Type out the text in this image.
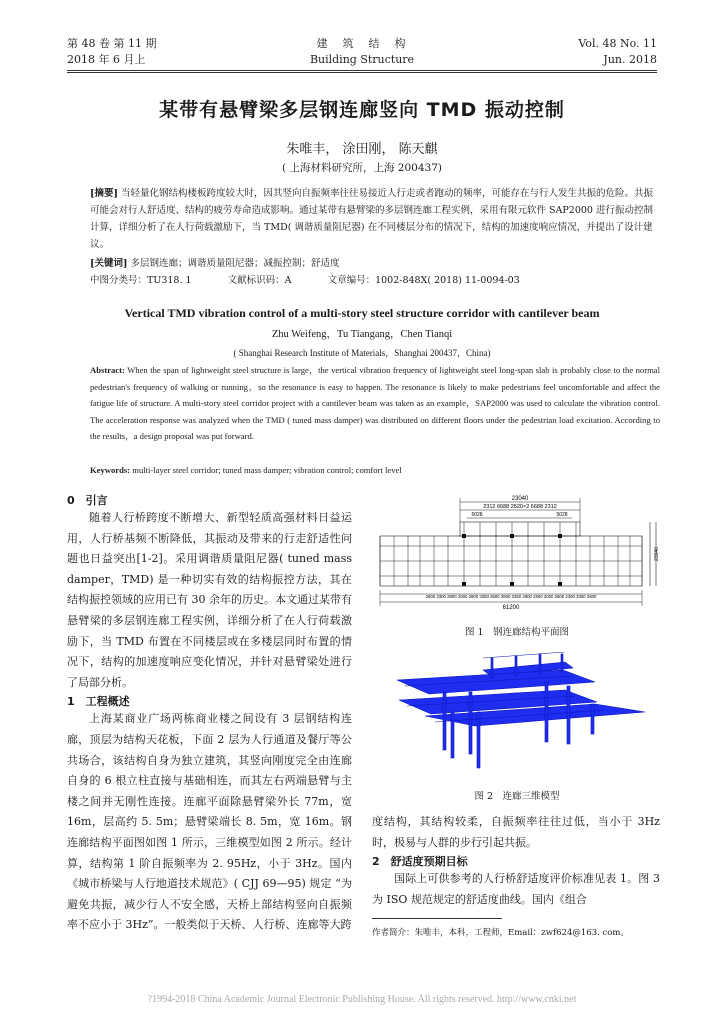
第 48 卷 第 11 期
2018 年 6 月上
建　筑　结　构
Building Structure
Vol. 48 No. 11
Jun. 2018
某带有悬臂梁多层钢连廊竖向 TMD 振动控制
朱唯丰， 涂田刚， 陈天麒
( 上海材料研究所，上海 200437)
[摘要] 当轻量化钢结构楼板跨度较大时，因其竖向自振频率往往易接近人行走或者跑动的频率，可能存在与行人发生共振的危险。共振可能会对行人舒适度、结构的疲劳寿命造成影响。通过某带有悬臂梁的多层钢连廊工程实例，采用有限元软件 SAP2000 进行振动控制计算，详细分析了在人行荷载激励下，当 TMD( 调谐质量阻尼器) 在不同楼层分布的情况下，结构的加速度响应情况，并提出了设计建议。
[关键词] 多层钢连廊；调谐质量阻尼器；减振控制；舒适度
中图分类号：TU318. 1	文献标识码：A	文章编号：1002-848X( 2018) 11-0094-03
Vertical TMD vibration control of a multi-story steel structure corridor with cantilever beam
Zhu Weifeng，Tu Tiangang，Chen Tianqi
( Shanghai Research Institute of Materials，Shanghai 200437，China)
Abstract: When the span of lightweight steel structure is large，the vertical vibration frequency of lightweight steel long-span slab is probably close to the normal pedestrian's frequency of walking or running，so the resonance is easy to happen. The resonance is likely to make pedestrians feel uncomfortable and affect the fatigue life of structure. A multi-story steel corridor project with a cantilever beam was taken as an example，SAP2000 was used to calculate the vibration control. The acceleration response was analyzed when the TMD ( tuned mass damper) was distributed on different floors under the pedestrian load excitation. According to the results，a design proposal was put forward.
Keywords: multi-layer steel corridor; tuned mass damper; vibration control; comfort level
0　引言
随着人行桥跨度不断增大、新型轻质高强材料日益运用，人行桥基频不断降低，其振动及带来的行走舒适性问题也日益突出[1-2]。采用调谐质量阻尼器( tuned mass damper，TMD) 是一种切实有效的结构振控方法，其在结构振控领域的应用已有 30 余年的历史。本文通过某带有悬臂梁的多层钢连廊工程实例，详细分析了在人行荷载激励下，当 TMD 布置在不同楼层或在多楼层同时布置的情况下，结构的加速度响应变化情况，并针对悬臂梁处进行了局部分析。
1　工程概述
上海某商业广场两栋商业楼之间设有 3 层钢结构连廊，顶层为结构天花板，下面 2 层为人行通道及餐厅等公共场合，该结构自身为独立建筑，其竖向刚度完全由连廊自身的 6 根立柱直接与基础相连，而其左右两端悬臂与主楼之间并无刚性连接。连廊平面除悬臂梁外长 77m，宽 16m，层高约 5. 5m；悬臂梁端长 8. 5m，宽 16m。钢连廊结构平面图如图 1 所示，三维模型如图 2 所示。经计算，结构第 1 阶自振频率为 2. 95Hz，小于 3Hz。国内《城市桥梁与人行地道技术规范》( CJJ 69—95) 规定 “为避免共振，减少行人不安全感，天桥上部结构竖向自振频率不应小于 3Hz”。一般类似于天桥、人行桥、连廊等大跨
23040
2312 6688 2520×2 6688 2312
5028	5028
2800 3300 2800 2000 2800 3350 3600 3800 3350 2800 2800 2000 2800 2300 3300 2800
61200
23040
图 1　钢连廊结构平面图
图 2　连廊三维模型
度结构，其结构较柔，自振频率往往过低，当小于 3Hz 时，极易与人群的步行引起共振。
2　舒适度预期目标
国际上可供参考的人行桥舒适度评价标准见表 1。图 3 为 ISO 规范规定的舒适度曲线。国内《组合
作者简介：朱唯丰，本科，工程师，Email：zwf624@163. com。
?1994-2018 China Academic Journal Electronic Publishing House. All rights reserved. http://www.cnki.net
